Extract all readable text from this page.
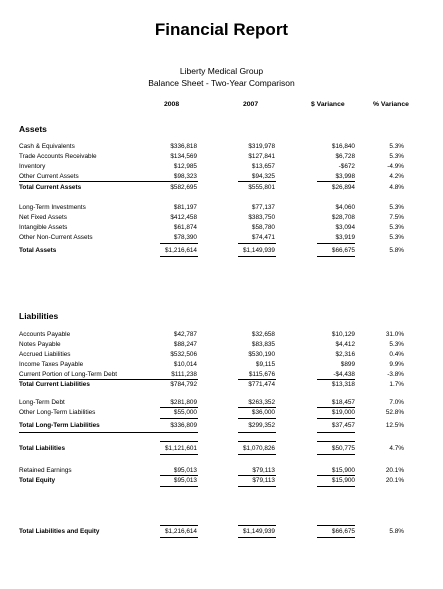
Financial Report
Liberty Medical Group
Balance Sheet - Two-Year Comparison
2008	2007	$ Variance	% Variance
Assets
Cash & Equivalents	$336,818	$319,978	$16,840	5.3%
Trade Accounts Receivable	$134,569	$127,841	$6,728	5.3%
Inventory	$12,985	$13,657	-$672	-4.9%
Other Current Assets	$98,323	$94,325	$3,998	4.2%
Total Current Assets	$582,695	$555,801	$26,894	4.8%
Long-Term Investments	$81,197	$77,137	$4,060	5.3%
Net Fixed Assets	$412,458	$383,750	$28,708	7.5%
Intangible Assets	$61,874	$58,780	$3,094	5.3%
Other Non-Current Assets	$78,390	$74,471	$3,919	5.3%
Total Assets	$1,216,614	$1,149,939	$66,675	5.8%
Liabilities
Accounts Payable	$42,787	$32,658	$10,129	31.0%
Notes Payable	$88,247	$83,835	$4,412	5.3%
Accrued Liabilities	$532,506	$530,190	$2,316	0.4%
Income Taxes Payable	$10,014	$9,115	$899	9.9%
Current Portion of Long-Term Debt	$111,238	$115,676	-$4,438	-3.8%
Total Current Liabilities	$784,792	$771,474	$13,318	1.7%
Long-Term Debt	$281,809	$263,352	$18,457	7.0%
Other Long-Term Liabilities	$55,000	$36,000	$19,000	52.8%
Total Long-Term Liabilities	$336,809	$299,352	$37,457	12.5%
Total Liabilities	$1,121,601	$1,070,826	$50,775	4.7%
Retained Earnings	$95,013	$79,113	$15,900	20.1%
Total Equity	$95,013	$79,113	$15,900	20.1%
Total Liabilities and Equity	$1,216,614	$1,149,939	$66,675	5.8%
